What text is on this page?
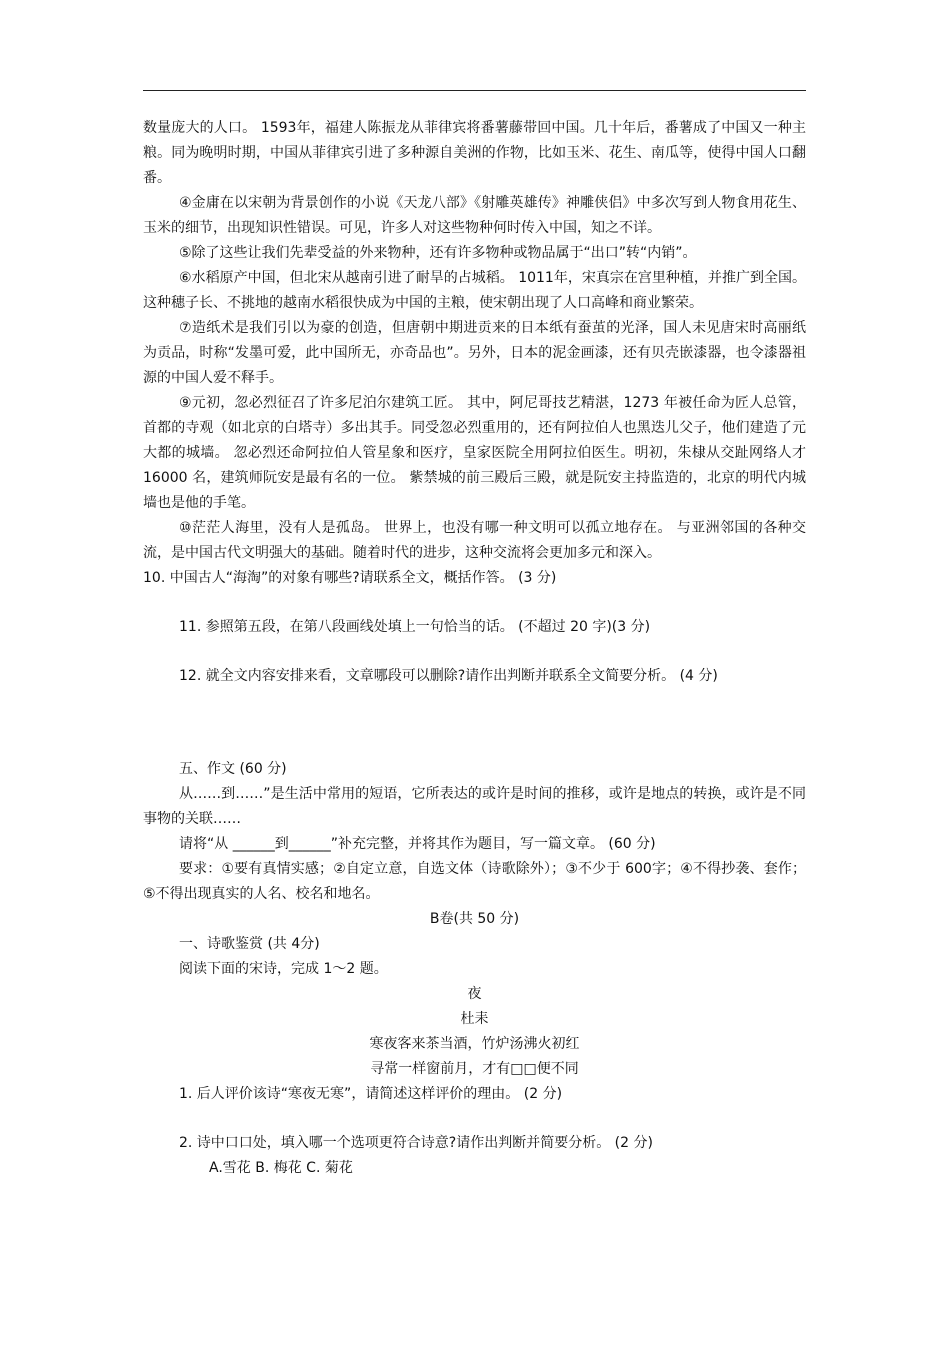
数量庞大的人口。 1593年，福建人陈振龙从菲律宾将番薯藤带回中国。几十年后，番薯成了中国又一种主粮。同为晚明时期，中国从菲律宾引进了多种源自美洲的作物，比如玉米、花生、南瓜等，使得中国人口翻番。

④金庸在以宋朝为背景创作的小说《天龙八部》《射雕英雄传》神雕侠侣》中多次写到人物食用花生、玉米的细节，出现知识性错误。可见，许多人对这些物种何时传入中国，知之不详。

⑤除了这些让我们先辈受益的外来物种，还有许多物种或物品属于“出口”转“内销”。

⑥水稻原产中国，但北宋从越南引进了耐旱的占城稻。 1011年，宋真宗在宫里种植，并推广到全国。这种穗子长、不挑地的越南水稻很快成为中国的主粮，使宋朝出现了人口高峰和商业繁荣。

⑦造纸术是我们引以为豪的创造，但唐朝中期进贡来的日本纸有蚕茧的光泽，国人未见唐宋时高丽纸为贡品，时称“发墨可爱，此中国所无，亦奇品也”。另外，日本的泥金画漆，还有贝壳嵌漆器，也令漆器祖源的中国人爱不释手。

⑨元初，忽必烈征召了许多尼泊尔建筑工匠。 其中，阿尼哥技艺精湛，1273 年被任命为匠人总管，首都的寺观（如北京的白塔寺）多出其手。同受忽必烈重用的，还有阿拉伯人也黑迭儿父子，他们建造了元大都的城墙。 忽必烈还命阿拉伯人管星象和医疗，皇家医院全用阿拉伯医生。明初，朱棣从交趾网络人才 16000 名，建筑师阮安是最有名的一位。 紫禁城的前三殿后三殿，就是阮安主持监造的，北京的明代内城墙也是他的手笔。

⑩茫茫人海里，没有人是孤岛。 世界上，也没有哪一种文明可以孤立地存在。 与亚洲邻国的各种交流，是中国古代文明强大的基础。随着时代的进步，这种交流将会更加多元和深入。

10. 中国古人“海淘”的对象有哪些?请联系全文，概括作答。 (3 分)

11. 参照第五段，在第八段画线处填上一句恰当的话。 (不超过 20 字)(3 分)

12. 就全文内容安排来看，文章哪段可以删除?请作出判断并联系全文简要分析。 (4 分)

五、作文 (60 分)

从……到……”是生活中常用的短语，它所表达的或许是时间的推移，或许是地点的转换，或许是不同事物的关联……

请将“从 ______到______”补充完整，并将其作为题目，写一篇文章。 (60 分)

要求：①要有真情实感；②自定立意，自选文体（诗歌除外）；③不少于 600字；④不得抄袭、套作；⑤不得出现真实的人名、校名和地名。

B卷(共 50 分)

一、诗歌鉴赏 (共 4分)

阅读下面的宋诗，完成 1～2 题。

夜

杜耒

寒夜客来茶当酒，竹炉汤沸火初红

寻常一样窗前月，才有□□便不同

1. 后人评价该诗“寒夜无寒”，请简述这样评价的理由。 (2 分)

2. 诗中口口处，填入哪一个选项更符合诗意?请作出判断并简要分析。 (2 分)

A.雪花 B. 梅花 C. 菊花
